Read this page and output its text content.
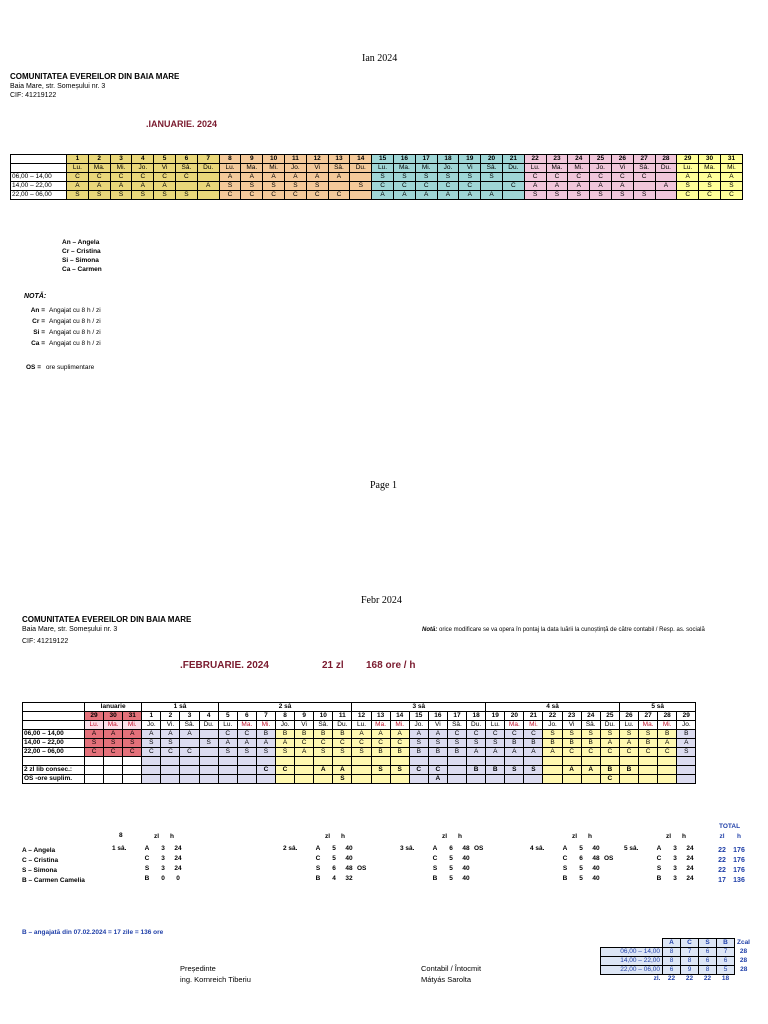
Ian 2024
COMUNITATEA EVEREILOR DIN BAIA MARE
Baia Mare, str. Someșului nr. 3
CIF: 41219122
.IANUARIE. 2024
	1	2	3	4	5	6	7	8	9	10	11	12	13	14	15	16	17	18	19	20	21	22	23	24	25	26	27	28	29	30	31
	Lu.	Ma.	Mi.	Jo.	Vi	Sâ.	Du.	Lu.	Ma.	Mi.	Jo.	Vi	Sâ.	Du.	Lu.	Ma.	Mi.	Jo.	Vi	Sâ.	Du.	Lu.	Ma.	Mi.	Jo.	Vi	Sâ.	Du.	Lu.	Ma.	Mi.
06,00 – 14,00	C	C	C	C	C	C		A	A	A	A	A	A		S	S	S	S	S	S		C	C	C	C	C	C		A	A	A
14,00 – 22,00	A	A	A	A	A		A	S	S	S	S	S		S	C	C	C	C	C		C	A	A	A	A	A		A	S	S	S
22,00 – 06,00	S	S	S	S	S	S		C	C	C	C	C	C		A	A	A	A	A	A		S	S	S	S	S	S		C	C	C
An – Angela
Cr – Cristina
Si – Simona
Ca – Carmen
NOTĂ:
An = Angajat cu 8 h / zi
Cr = Angajat cu 8 h / zi
Si = Angajat cu 8 h / zi
Ca = Angajat cu 8 h / zi
OS = ore suplimentare
Page 1
Febr 2024
COMUNITATEA EVEREILOR DIN BAIA MARE
Baia Mare, str. Someșului nr. 3
CIF: 41219122
Notă: orice modificare se va opera în pontaj la data luării la cunoștință de către contabil / Resp. as. socială
.FEBRUARIE. 2024	21 zl 168 ore / h
	Ianuarie			1 sâ				2 sâ							3 sâ							4 sâ							5 sâ			
	29	30	31	1	2	3	4	5	6	7	8	9	10	11	12	13	14	15	16	17	18	19	20	21	22	23	24	25	26	27	28	29
	Lu.	Ma.	Mi.	Jo.	Vi.	Sâ.	Du.	Lu.	Ma.	Mi.	Jo.	Vi	Sâ.	Du.	Lu.	Ma.	Mi.	Jo.	Vi	Sâ.	Du.	Lu.	Ma.	Mi.	Jo.	Vi	Sâ.	Du.	Lu.	Ma.	Mi.	Jo.
06,00 – 14,00	A	A	A	A	A	A		C	C	B	B	B	B	B	A	A	A	A	A	C	C	C	C	C	S	S	S	S	S	S	B	B
14,00 – 22,00	S	S	S	S	S		S	A	A	A	A	C	C	C	C	C	C	S	S	S	S	S	B	B	B	B	B	A	A	B	A	A
22,00 – 06,00	C	C	C	C	C	C		S	S	S	S	A	S	S	S	B	B	B	B	B	A	A	A	A	A	C	C	C	C	C	C	S

2 zl lib consec.:										C	C		A	A		S	S	C	C		B	B	S	S		A	A	B	B			
OS -ore suplim.														S					A									C				
8
A – Angela
C – Cristina
S – Simona
B – Carmen Camelia
zl h
1 sâ.	A 3 24
C 3 24
S 3 24
B 0 0
zl h
2 sâ.	A 5 40
C 5 40
S 6 48 OS
B 4 32
zl h
3 sâ.	A 6 48 OS
C 5 40
S 5 40
B 5 40
zl h
4 sâ.	A 5 40
C 6 48 OS
S 5 40
B 5 40
zl h
5 sâ.	A 3 24
C 3 24
S 3 24
B 3 24
TOTAL
zl h
22 176
22 176
22 176
17 136
B – angajată din 07.02.2024 = 17 zile = 136 ore
Președinte
ing. Kornreich Tiberiu
Contabil / Întocmit
Mátyás Sarolta
	A	C	S	B	Zcal
06,00 – 14,00	8	7	6	7	28
14,00 – 22,00	8	8	6	6	28
22,00 – 06,00	6	9	8	5	28
zl.	22	22	22	18	
